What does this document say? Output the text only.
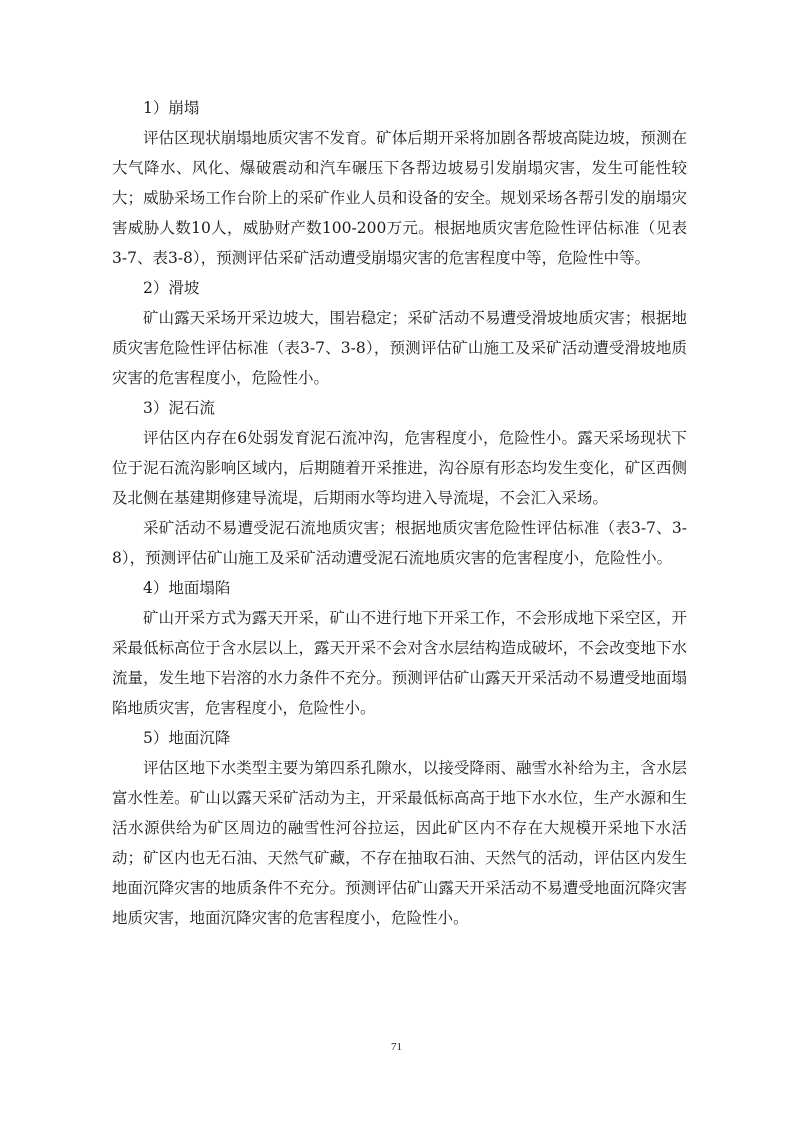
1）崩塌

评估区现状崩塌地质灾害不发育。矿体后期开采将加剧各帮坡高陡边坡，预测在大气降水、风化、爆破震动和汽车碾压下各帮边坡易引发崩塌灾害，发生可能性较大；威胁采场工作台阶上的采矿作业人员和设备的安全。规划采场各帮引发的崩塌灾害威胁人数10人，威胁财产数100-200万元。根据地质灾害危险性评估标准（见表3-7、表3-8），预测评估采矿活动遭受崩塌灾害的危害程度中等，危险性中等。

2）滑坡

矿山露天采场开采边坡大，围岩稳定；采矿活动不易遭受滑坡地质灾害；根据地质灾害危险性评估标准（表3-7、3-8），预测评估矿山施工及采矿活动遭受滑坡地质灾害的危害程度小，危险性小。

3）泥石流

评估区内存在6处弱发育泥石流冲沟，危害程度小，危险性小。露天采场现状下位于泥石流沟影响区域内，后期随着开采推进，沟谷原有形态均发生变化，矿区西侧及北侧在基建期修建导流堤，后期雨水等均进入导流堤，不会汇入采场。

采矿活动不易遭受泥石流地质灾害；根据地质灾害危险性评估标准（表3-7、3-8），预测评估矿山施工及采矿活动遭受泥石流地质灾害的危害程度小，危险性小。

4）地面塌陷

矿山开采方式为露天开采，矿山不进行地下开采工作，不会形成地下采空区，开采最低标高位于含水层以上，露天开采不会对含水层结构造成破坏，不会改变地下水流量，发生地下岩溶的水力条件不充分。预测评估矿山露天开采活动不易遭受地面塌陷地质灾害，危害程度小，危险性小。

5）地面沉降

评估区地下水类型主要为第四系孔隙水，以接受降雨、融雪水补给为主，含水层富水性差。矿山以露天采矿活动为主，开采最低标高高于地下水水位，生产水源和生活水源供给为矿区周边的融雪性河谷拉运，因此矿区内不存在大规模开采地下水活动；矿区内也无石油、天然气矿藏，不存在抽取石油、天然气的活动，评估区内发生地面沉降灾害的地质条件不充分。预测评估矿山露天开采活动不易遭受地面沉降灾害地质灾害，地面沉降灾害的危害程度小，危险性小。

71
